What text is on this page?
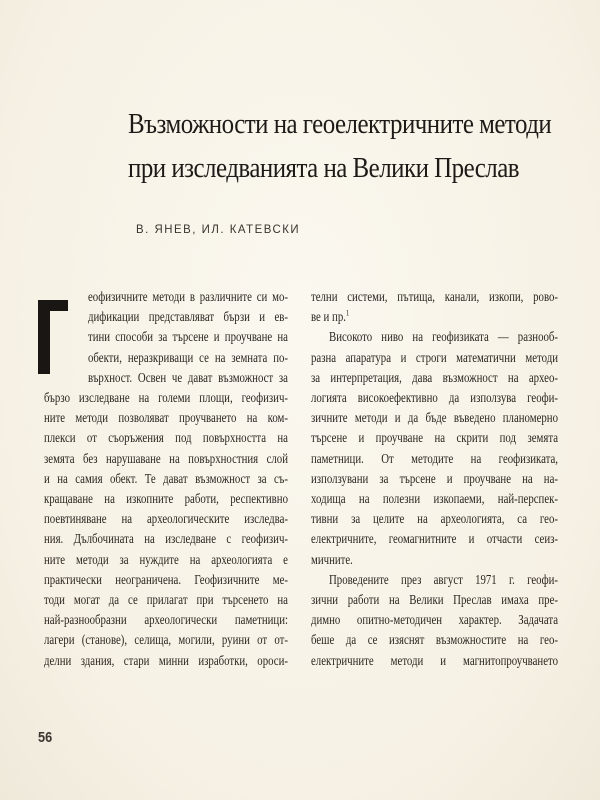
Възможности на геоелектричните методи
при изследванията на Велики Преслав
В. ЯНЕВ, ИЛ. КАТЕВСКИ
еофизичните методи в различните си мо-
дификации представляват бързи и ев-
тини способи за търсене и проучване на
обекти, неразкриващи се на земната по-
върхност. Освен че дават възможност за
бързо изследване на големи площи, геофизич-
ните методи позволяват проучването на ком-
плекси от съоръжения под повърхността на
земята без нарушаване на повърхностния слой
и на самия обект. Те дават възможност за съ-
кращаване на изкопните работи, респективно
поевтиняване на археологическите изследва-
ния. Дълбочината на изследване с геофизич-
ните методи за нуждите на археологията е
практически неограничена. Геофизичните ме-
тоди могат да се прилагат при търсенето на
най-разнообразни археологически паметници:
лагери (станове), селища, могили, руини от от-
делни здания, стари минни изработки, ороси-
телни системи, пътища, канали, изкопи, рово-
ве и пр.$^1$
Високото ниво на геофизиката — разнооб-
разна апаратура и строги математични методи
за интерпретация, дава възможност на архео-
логията високоефективно да използува геофи-
зичните методи и да бъде въведено планомерно
търсене и проучване на скрити под земята
паметници. От методите на геофизиката,
използувани за търсене и проучване на на-
ходища на полезни изкопаеми, най-перспек-
тивни за целите на археологията, са гео-
електричните, геомагнитните и отчасти сеиз-
мичните.
Проведените през август 1971 г. геофи-
зични работи на Велики Преслав имаха пре-
димно опитно-методичен характер. Задачата
беше да се изяснят възможностите на гео-
електричните методи и магнитопроучването
56
